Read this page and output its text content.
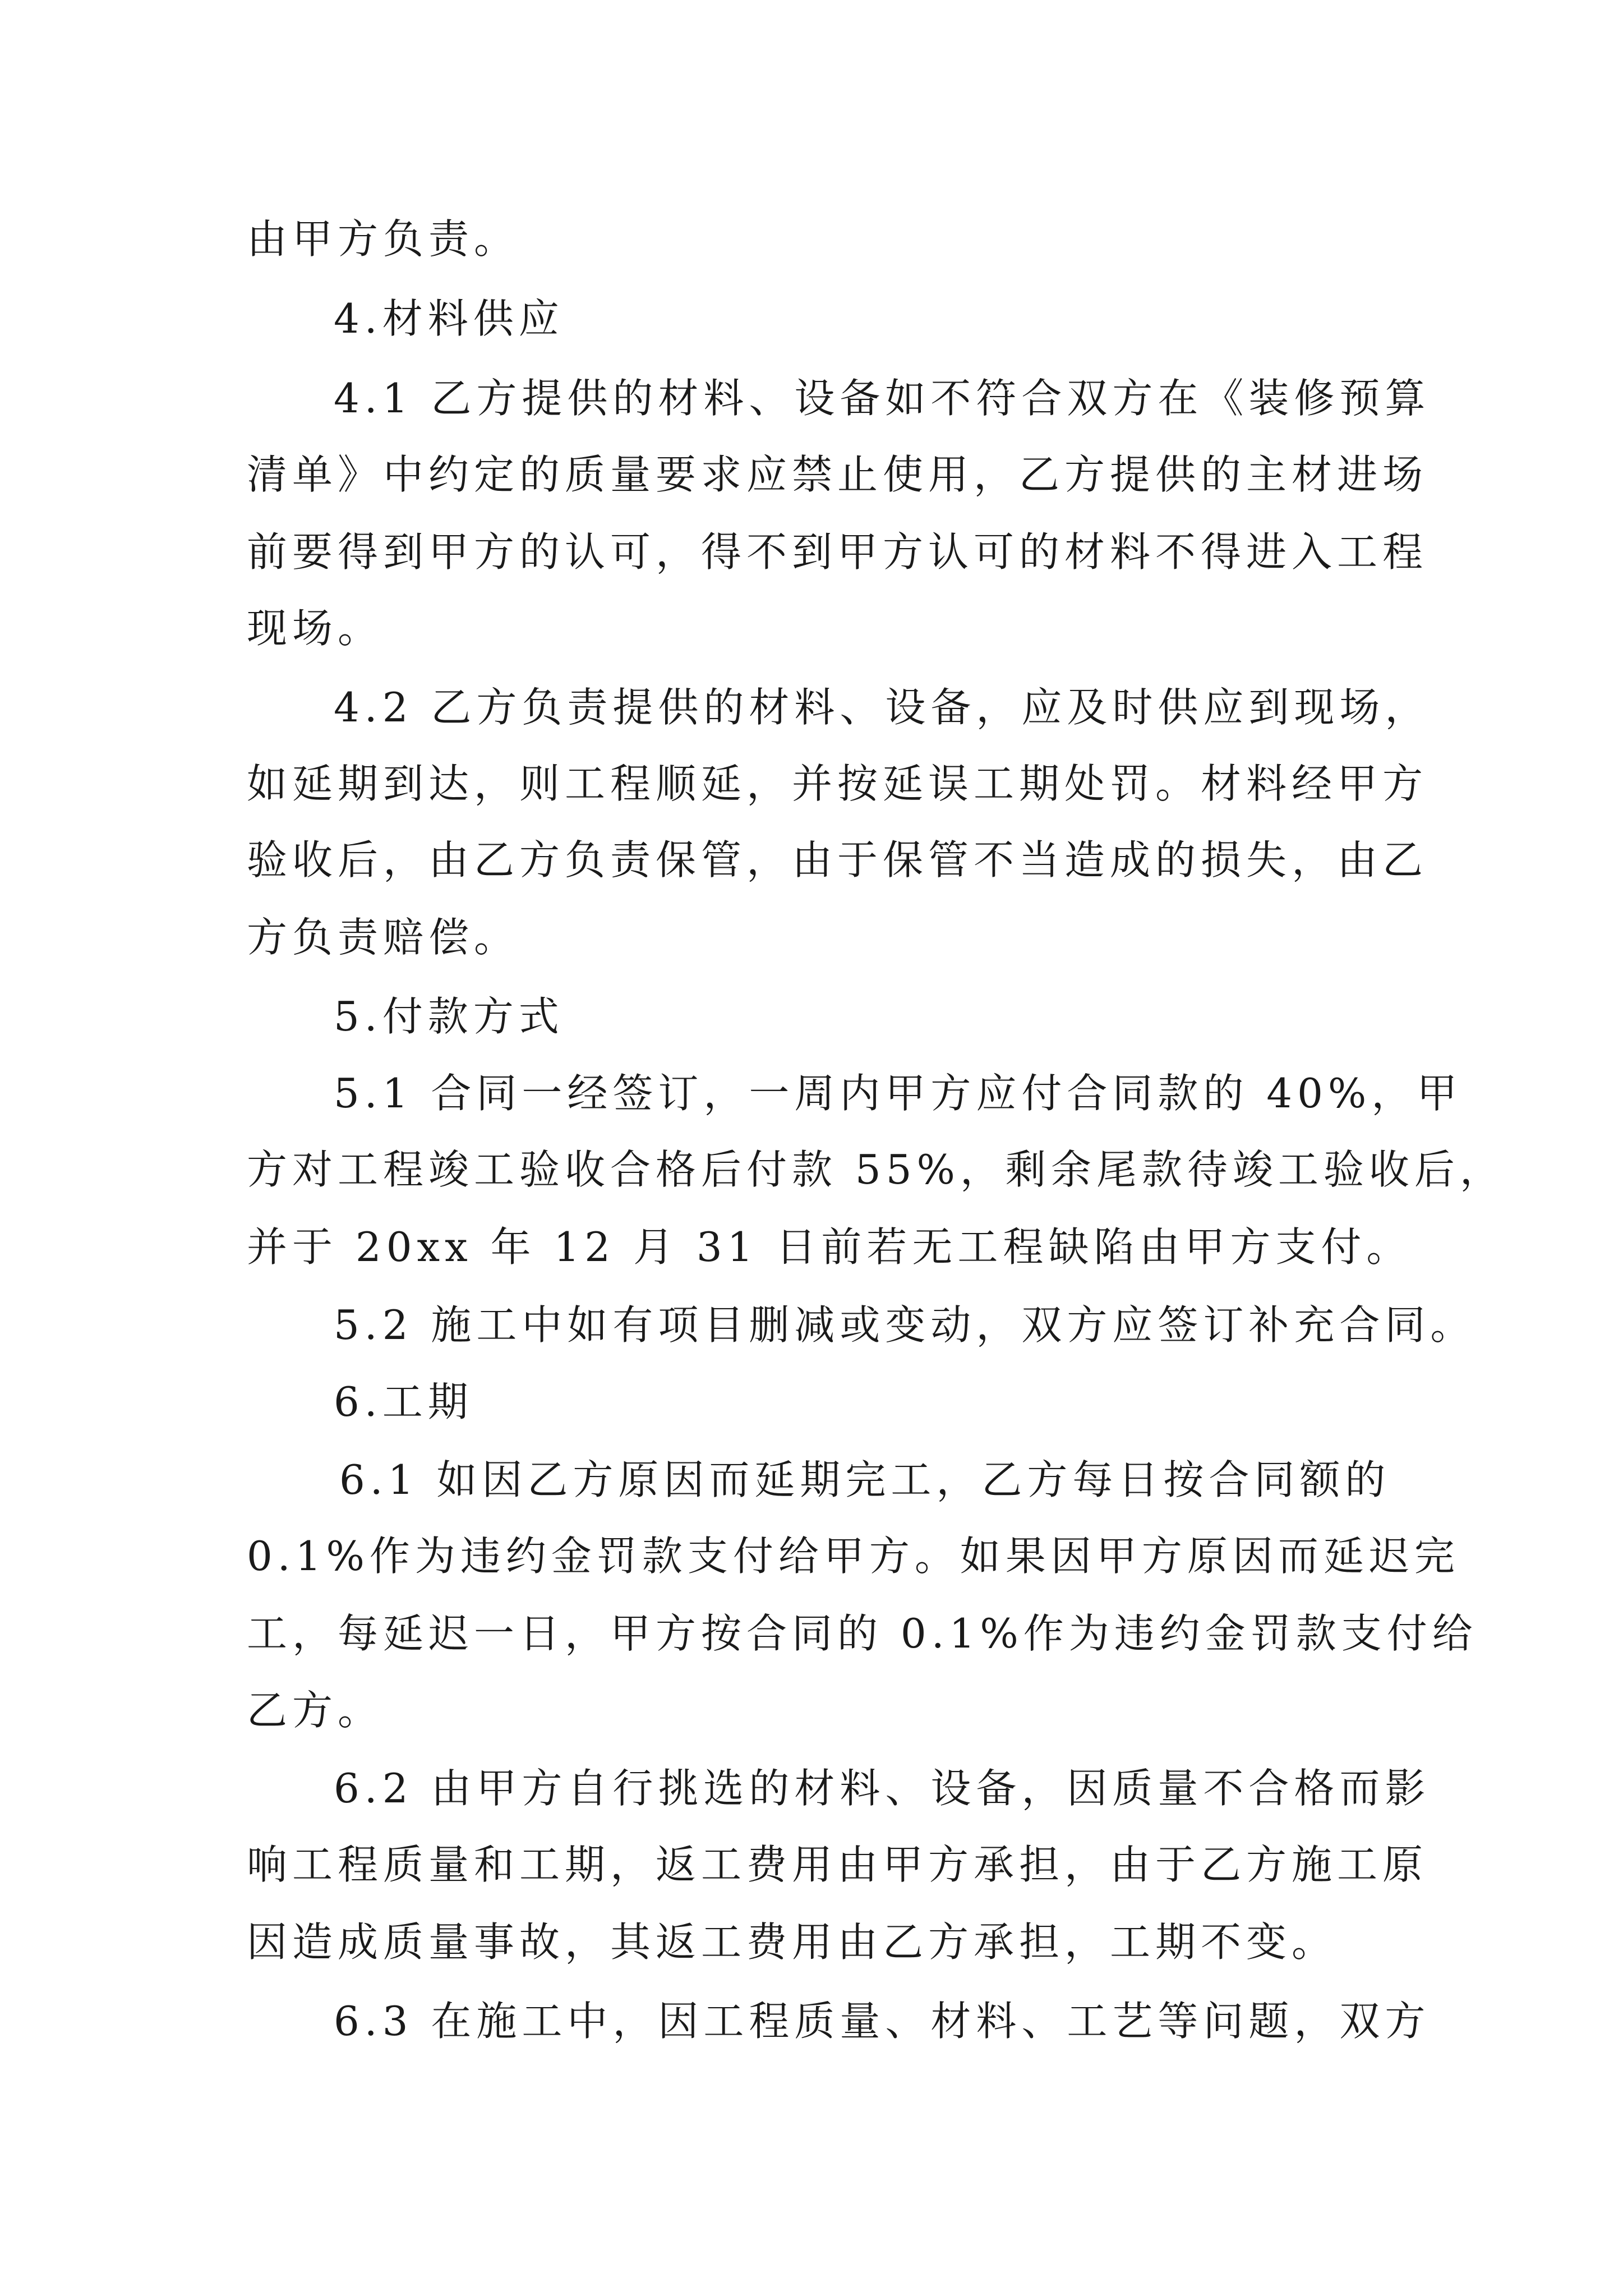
由甲方负责。
4.材料供应
4.1 乙方提供的材料、设备如不符合双方在《装修预算
清单》中约定的质量要求应禁止使用，乙方提供的主材进场
前要得到甲方的认可，得不到甲方认可的材料不得进入工程
现场。
4.2 乙方负责提供的材料、设备，应及时供应到现场，
如延期到达，则工程顺延，并按延误工期处罚。材料经甲方
验收后，由乙方负责保管，由于保管不当造成的损失，由乙
方负责赔偿。
5.付款方式
5.1 合同一经签订，一周内甲方应付合同款的 40%，甲
方对工程竣工验收合格后付款 55%，剩余尾款待竣工验收后，
并于 20xx 年 12 月 31 日前若无工程缺陷由甲方支付。
5.2 施工中如有项目删减或变动，双方应签订补充合同。
6.工期
6.1 如因乙方原因而延期完工，乙方每日按合同额的
0.1%作为违约金罚款支付给甲方。如果因甲方原因而延迟完
工，每延迟一日，甲方按合同的 0.1%作为违约金罚款支付给
乙方。
6.2 由甲方自行挑选的材料、设备，因质量不合格而影
响工程质量和工期，返工费用由甲方承担，由于乙方施工原
因造成质量事故，其返工费用由乙方承担，工期不变。
6.3 在施工中，因工程质量、材料、工艺等问题，双方
